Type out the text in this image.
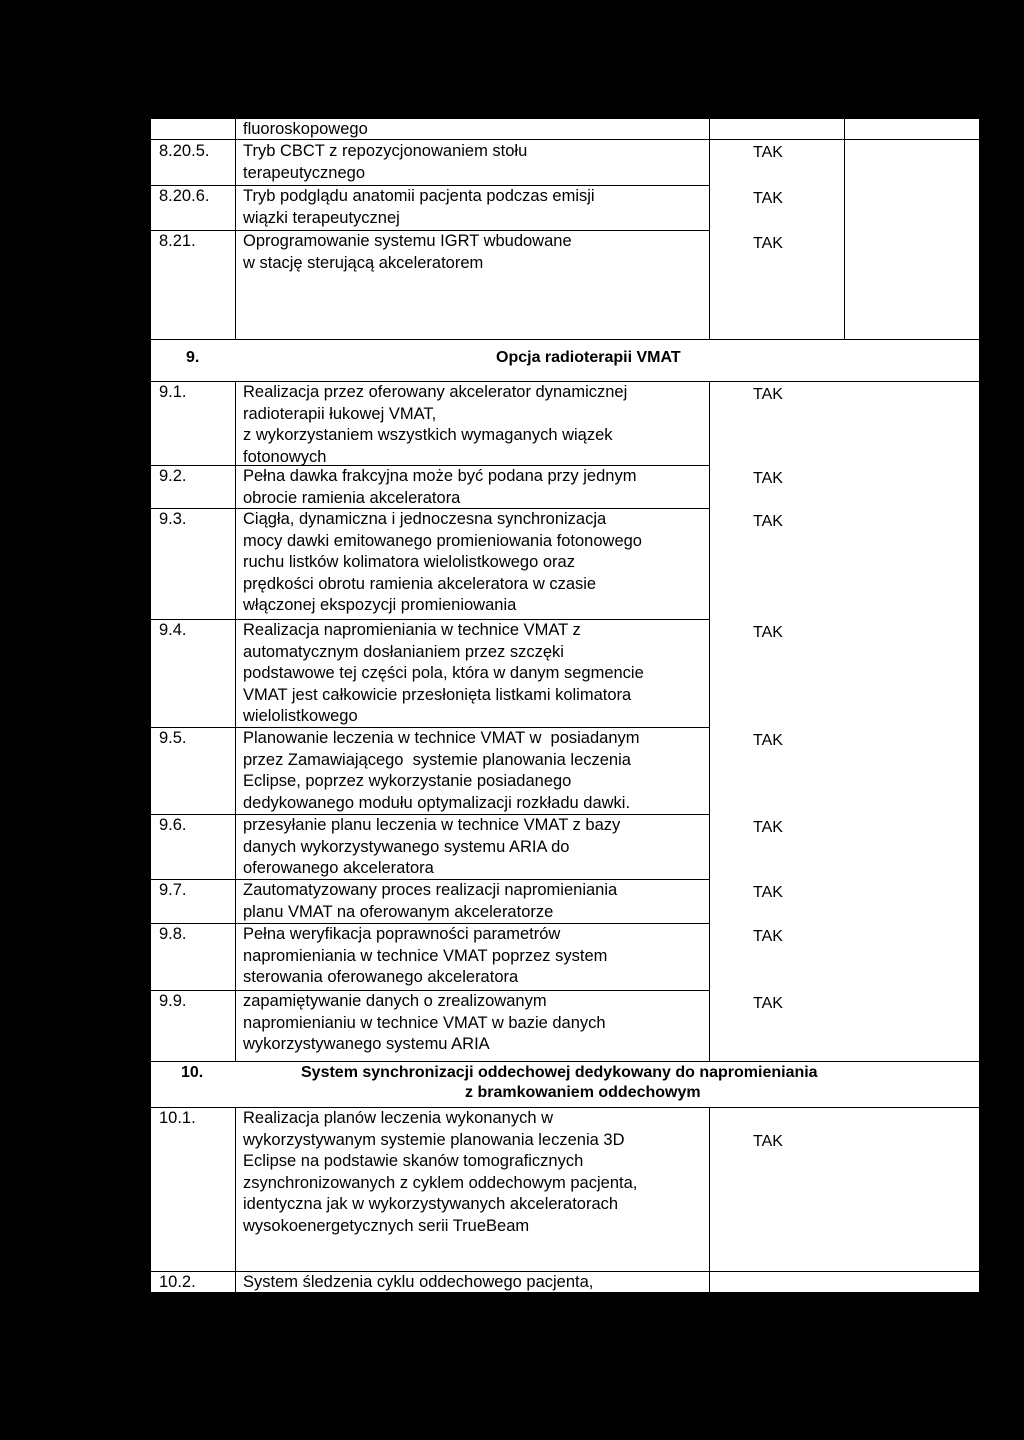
fluoroskopowego
8.20.5. Tryb CBCT z repozycjonowaniem stołu
terapeutycznego
TAK
8.20.6. Tryb podglądu anatomii pacjenta podczas emisji
wiązki terapeutycznej
TAK
8.21.	Oprogramowanie systemu IGRT wbudowane
w stację sterującą akceleratorem
TAK
9.	Opcja radioterapii VMAT
9.1.	Realizacja przez oferowany akcelerator dynamicznej
radioterapii łukowej VMAT,
z wykorzystaniem wszystkich wymaganych wiązek
fotonowych
TAK
9.2.	Pełna dawka frakcyjna może być podana przy jednym
obrocie ramienia akceleratora
TAK
9.3.	Ciągła, dynamiczna i jednoczesna synchronizacja
mocy dawki emitowanego promieniowania fotonowego
ruchu listków kolimatora wielolistkowego oraz
prędkości obrotu ramienia akceleratora w czasie
włączonej ekspozycji promieniowania
TAK
9.4.	Realizacja napromieniania w technice VMAT z
automatycznym dosłanianiem przez szczęki
podstawowe tej części pola, która w danym segmencie
VMAT jest całkowicie przesłonięta listkami kolimatora
wielolistkowego
TAK
9.5.	Planowanie leczenia w technice VMAT w  posiadanym
przez Zamawiającego  systemie planowania leczenia
Eclipse, poprzez wykorzystanie posiadanego
dedykowanego modułu optymalizacji rozkładu dawki.
TAK
9.6.	przesyłanie planu leczenia w technice VMAT z bazy
danych wykorzystywanego systemu ARIA do
oferowanego akceleratora
TAK
9.7.	Zautomatyzowany proces realizacji napromieniania
planu VMAT na oferowanym akceleratorze
TAK
9.8.	Pełna weryfikacja poprawności parametrów
napromieniania w technice VMAT poprzez system
sterowania oferowanego akceleratora
TAK
9.9.	zapamiętywanie danych o zrealizowanym
napromienianiu w technice VMAT w bazie danych
wykorzystywanego systemu ARIA
TAK
10.	System synchronizacji oddechowej dedykowany do napromieniania
z bramkowaniem oddechowym
10.1.	Realizacja planów leczenia wykonanych w
wykorzystywanym systemie planowania leczenia 3D
Eclipse na podstawie skanów tomograficznych
zsynchronizowanych z cyklem oddechowym pacjenta,
identyczna jak w wykorzystywanych akceleratorach
wysokoenergetycznych serii TrueBeam
TAK
10.2.	System śledzenia cyklu oddechowego pacjenta,
